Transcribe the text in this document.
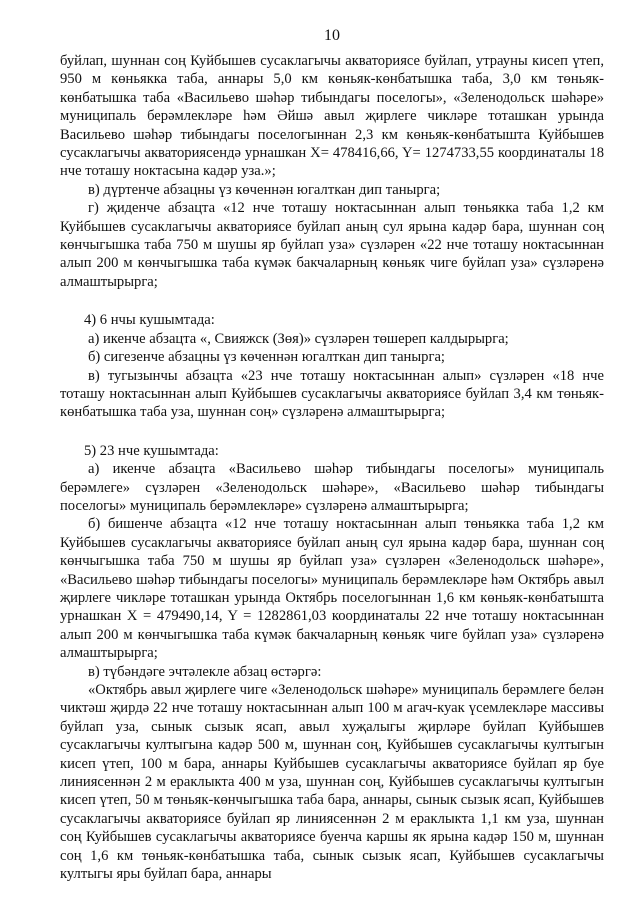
10

буйлап, шуннан соң Куйбышев сусаклагычы акваториясе буйлап, утрауны кисеп үтеп, 950 м көньякка таба, аннары 5,0 км көньяк-көнбатышка таба, 3,0 км төньяк-көнбатышка таба «Васильево шәһәр тибындагы поселогы», «Зеленодольск шәһәре» муниципаль берәмлекләре һәм Әйшә авыл җирлеге чикләре тоташкан урында Васильево шәһәр тибындагы поселогыннан 2,3 км көньяк-көнбатышта Куйбышев сусаклагычы акваториясендә урнашкан X= 478416,66, Y= 1274733,55 координаталы 18 нче тоташу ноктасына кадәр уза.»;

в) дүртенче абзацны үз көченнән югалткан дип танырга;

г) җиденче абзацта «12 нче тоташу ноктасыннан алып төньякка таба 1,2 км Куйбышев сусаклагычы акваториясе буйлап аның сул ярына кадәр бара, шуннан соң көнчыгышка таба 750 м шушы яр буйлап уза» сүзләрен «22 нче тоташу ноктасыннан алып 200 м көнчыгышка таба күмәк бакчаларның көньяк чиге буйлап уза» сүзләренә алмаштырырга;

4) 6 нчы кушымтада:

а) икенче абзацта «, Свияжск (Зөя)» сүзләрен төшереп калдырырга;

б) сигезенче абзацны үз көченнән югалткан дип танырга;

в) тугызынчы абзацта «23 нче тоташу ноктасыннан алып» сүзләрен «18 нче тоташу ноктасыннан алып Куйбышев сусаклагычы акваториясе буйлап 3,4 км төньяк-көнбатышка таба уза, шуннан соң» сүзләренә алмаштырырга;

5) 23 нче кушымтада:

а) икенче абзацта «Васильево шәһәр тибындагы поселогы» муниципаль берәмлеге» сүзләрен «Зеленодольск шәһәре», «Васильево шәһәр тибындагы поселогы» муниципаль берәмлекләре» сүзләренә алмаштырырга;

б) бишенче абзацта «12 нче тоташу ноктасыннан алып төньякка таба 1,2 км Куйбышев сусаклагычы акваториясе буйлап аның сул ярына кадәр бара, шуннан соң көнчыгышка таба 750 м шушы яр буйлап уза» сүзләрен «Зеленодольск шәһәре», «Васильево шәһәр тибындагы поселогы» муниципаль берәмлекләре һәм Октябрь авыл җирлеге чикләре тоташкан урында Октябрь поселогыннан 1,6 км көньяк-көнбатышта урнашкан X = 479490,14, Y = 1282861,03 координаталы 22 нче тоташу ноктасыннан алып 200 м көнчыгышка таба күмәк бакчаларның көньяк чиге буйлап уза» сүзләренә алмаштырырга;

в) түбәндәге эчтәлекле абзац өстәргә:

«Октябрь авыл җирлеге чиге «Зеленодольск шәһәре» муниципаль берәмлеге белән чиктәш җирдә 22 нче тоташу ноктасыннан алып 100 м агач-куак үсемлекләре массивы буйлап уза, сынык сызык ясап, авыл хуҗалыгы җирләре буйлап Куйбышев сусаклагычы култыгына кадәр 500 м, шуннан соң, Куйбышев сусаклагычы култыгын кисеп үтеп, 100 м бара, аннары Куйбышев сусаклагычы акваториясе буйлап яр буе линиясеннән 2 м ераклыкта 400 м уза, шуннан соң, Куйбышев сусаклагычы култыгын кисеп үтеп, 50 м төньяк-көнчыгышка таба бара, аннары, сынык сызык ясап, Куйбышев сусаклагычы акваториясе буйлап яр линиясеннән 2 м ераклыкта 1,1 км уза, шуннан соң Куйбышев сусаклагычы акваториясе буенча каршы як ярына кадәр 150 м, шуннан соң 1,6 км төньяк-көнбатышка таба, сынык сызык ясап, Куйбышев сусаклагычы култыгы яры буйлап бара, аннары
